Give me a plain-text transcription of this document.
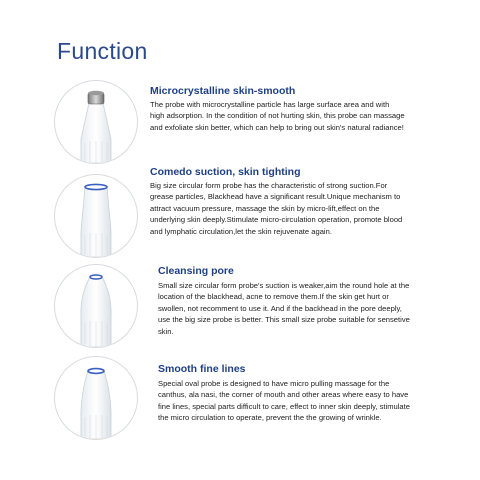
Function
Microcrystalline skin-smooth
The probe with microcrystalline particle has large surface area and with high adsorption. In the condition of not hurting skin, this probe can massage and exfoliate skin better, which can help to bring out skin's natural radiance!
Comedo suction, skin tighting
Big size circular form probe has the characteristic of strong suction.For grease particles, Blackhead have a significant result.Unique mechanism to attract vacuum pressure, massage the skin by micro-lift,effect on the underlying skin deeply.Stimulate micro-circulation operation, promote blood and lymphatic circulation,let the skin rejuvenate again.
Cleansing pore
Small size circular form probe's suction is weaker,aim the round hole at the location of the blackhead, acne to remove them.If the skin get hurt or swollen, not recomment to use it. And if the backhead in the pore deeply, use the big size probe is better. This small size probe suitable for sensetive skin.
Smooth fine lines
Special oval probe is designed to have micro pulling massage for the canthus, ala nasi, the corner of mouth and other areas where easy to have fine lines, special parts difficult to care, effect to inner skin deeply, stimulate the micro circulation to operate, prevent the the growing of wrinkle.
